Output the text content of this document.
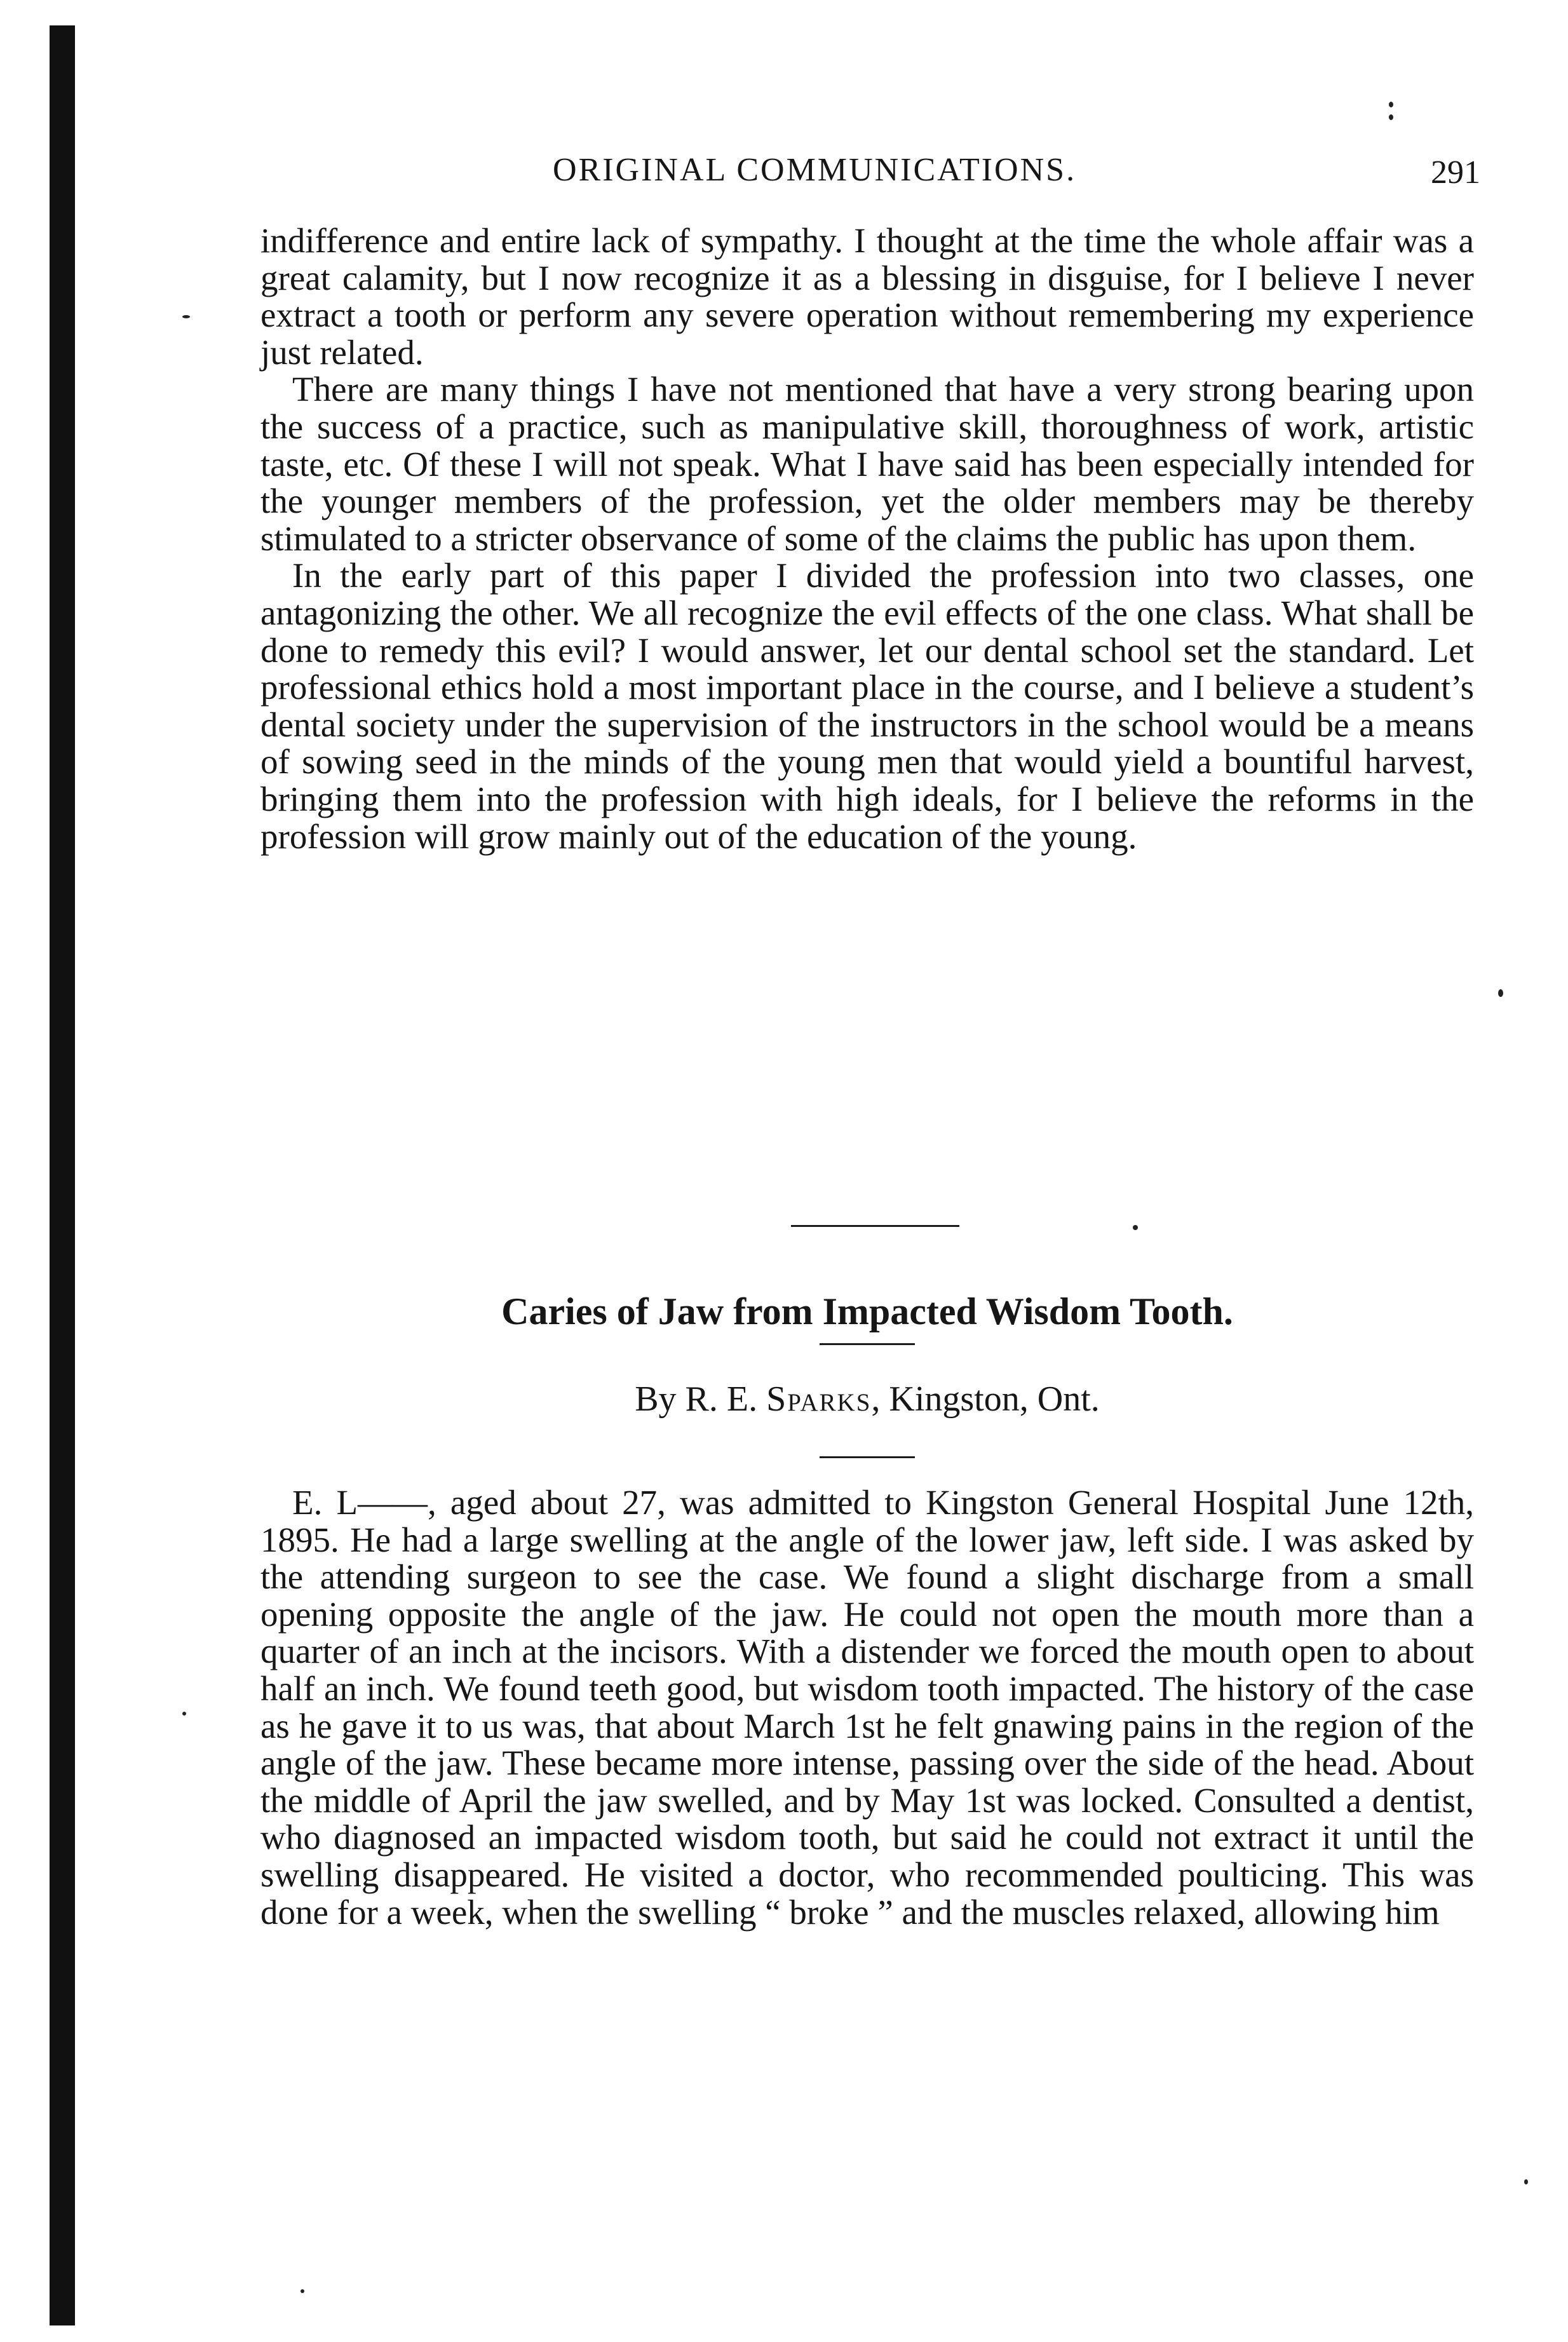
ORIGINAL COMMUNICATIONS.	291

indifference and entire lack of sympathy. I thought at the time the whole affair was a great calamity, but I now recognize it as a blessing in disguise, for I believe I never extract a tooth or perform any severe operation without remembering my experience just related.

There are many things I have not mentioned that have a very strong bearing upon the success of a practice, such as manipulative skill, thoroughness of work, artistic taste, etc. Of these I will not speak. What I have said has been especially intended for the younger members of the profession, yet the older members may be thereby stimulated to a stricter observance of some of the claims the public has upon them.

In the early part of this paper I divided the profession into two classes, one antagonizing the other. We all recognize the evil effects of the one class. What shall be done to remedy this evil? I would answer, let our dental school set the standard. Let professional ethics hold a most important place in the course, and I believe a student’s dental society under the supervision of the instructors in the school would be a means of sowing seed in the minds of the young men that would yield a bountiful harvest, bringing them into the profession with high ideals, for I believe the reforms in the profession will grow mainly out of the education of the young.

Caries of Jaw from Impacted Wisdom Tooth.
By R. E. Sparks, Kingston, Ont.

E. L——, aged about 27, was admitted to Kingston General Hospital June 12th, 1895. He had a large swelling at the angle of the lower jaw, left side. I was asked by the attending surgeon to see the case. We found a slight discharge from a small opening opposite the angle of the jaw. He could not open the mouth more than a quarter of an inch at the incisors. With a distender we forced the mouth open to about half an inch. We found teeth good, but wisdom tooth impacted. The history of the case as he gave it to us was, that about March 1st he felt gnawing pains in the region of the angle of the jaw. These became more intense, passing over the side of the head. About the middle of April the jaw swelled, and by May 1st was locked. Consulted a dentist, who diagnosed an impacted wisdom tooth, but said he could not extract it until the swelling disappeared. He visited a doctor, who recommended poulticing. This was done for a week, when the swelling “ broke ” and the muscles relaxed, allowing him
